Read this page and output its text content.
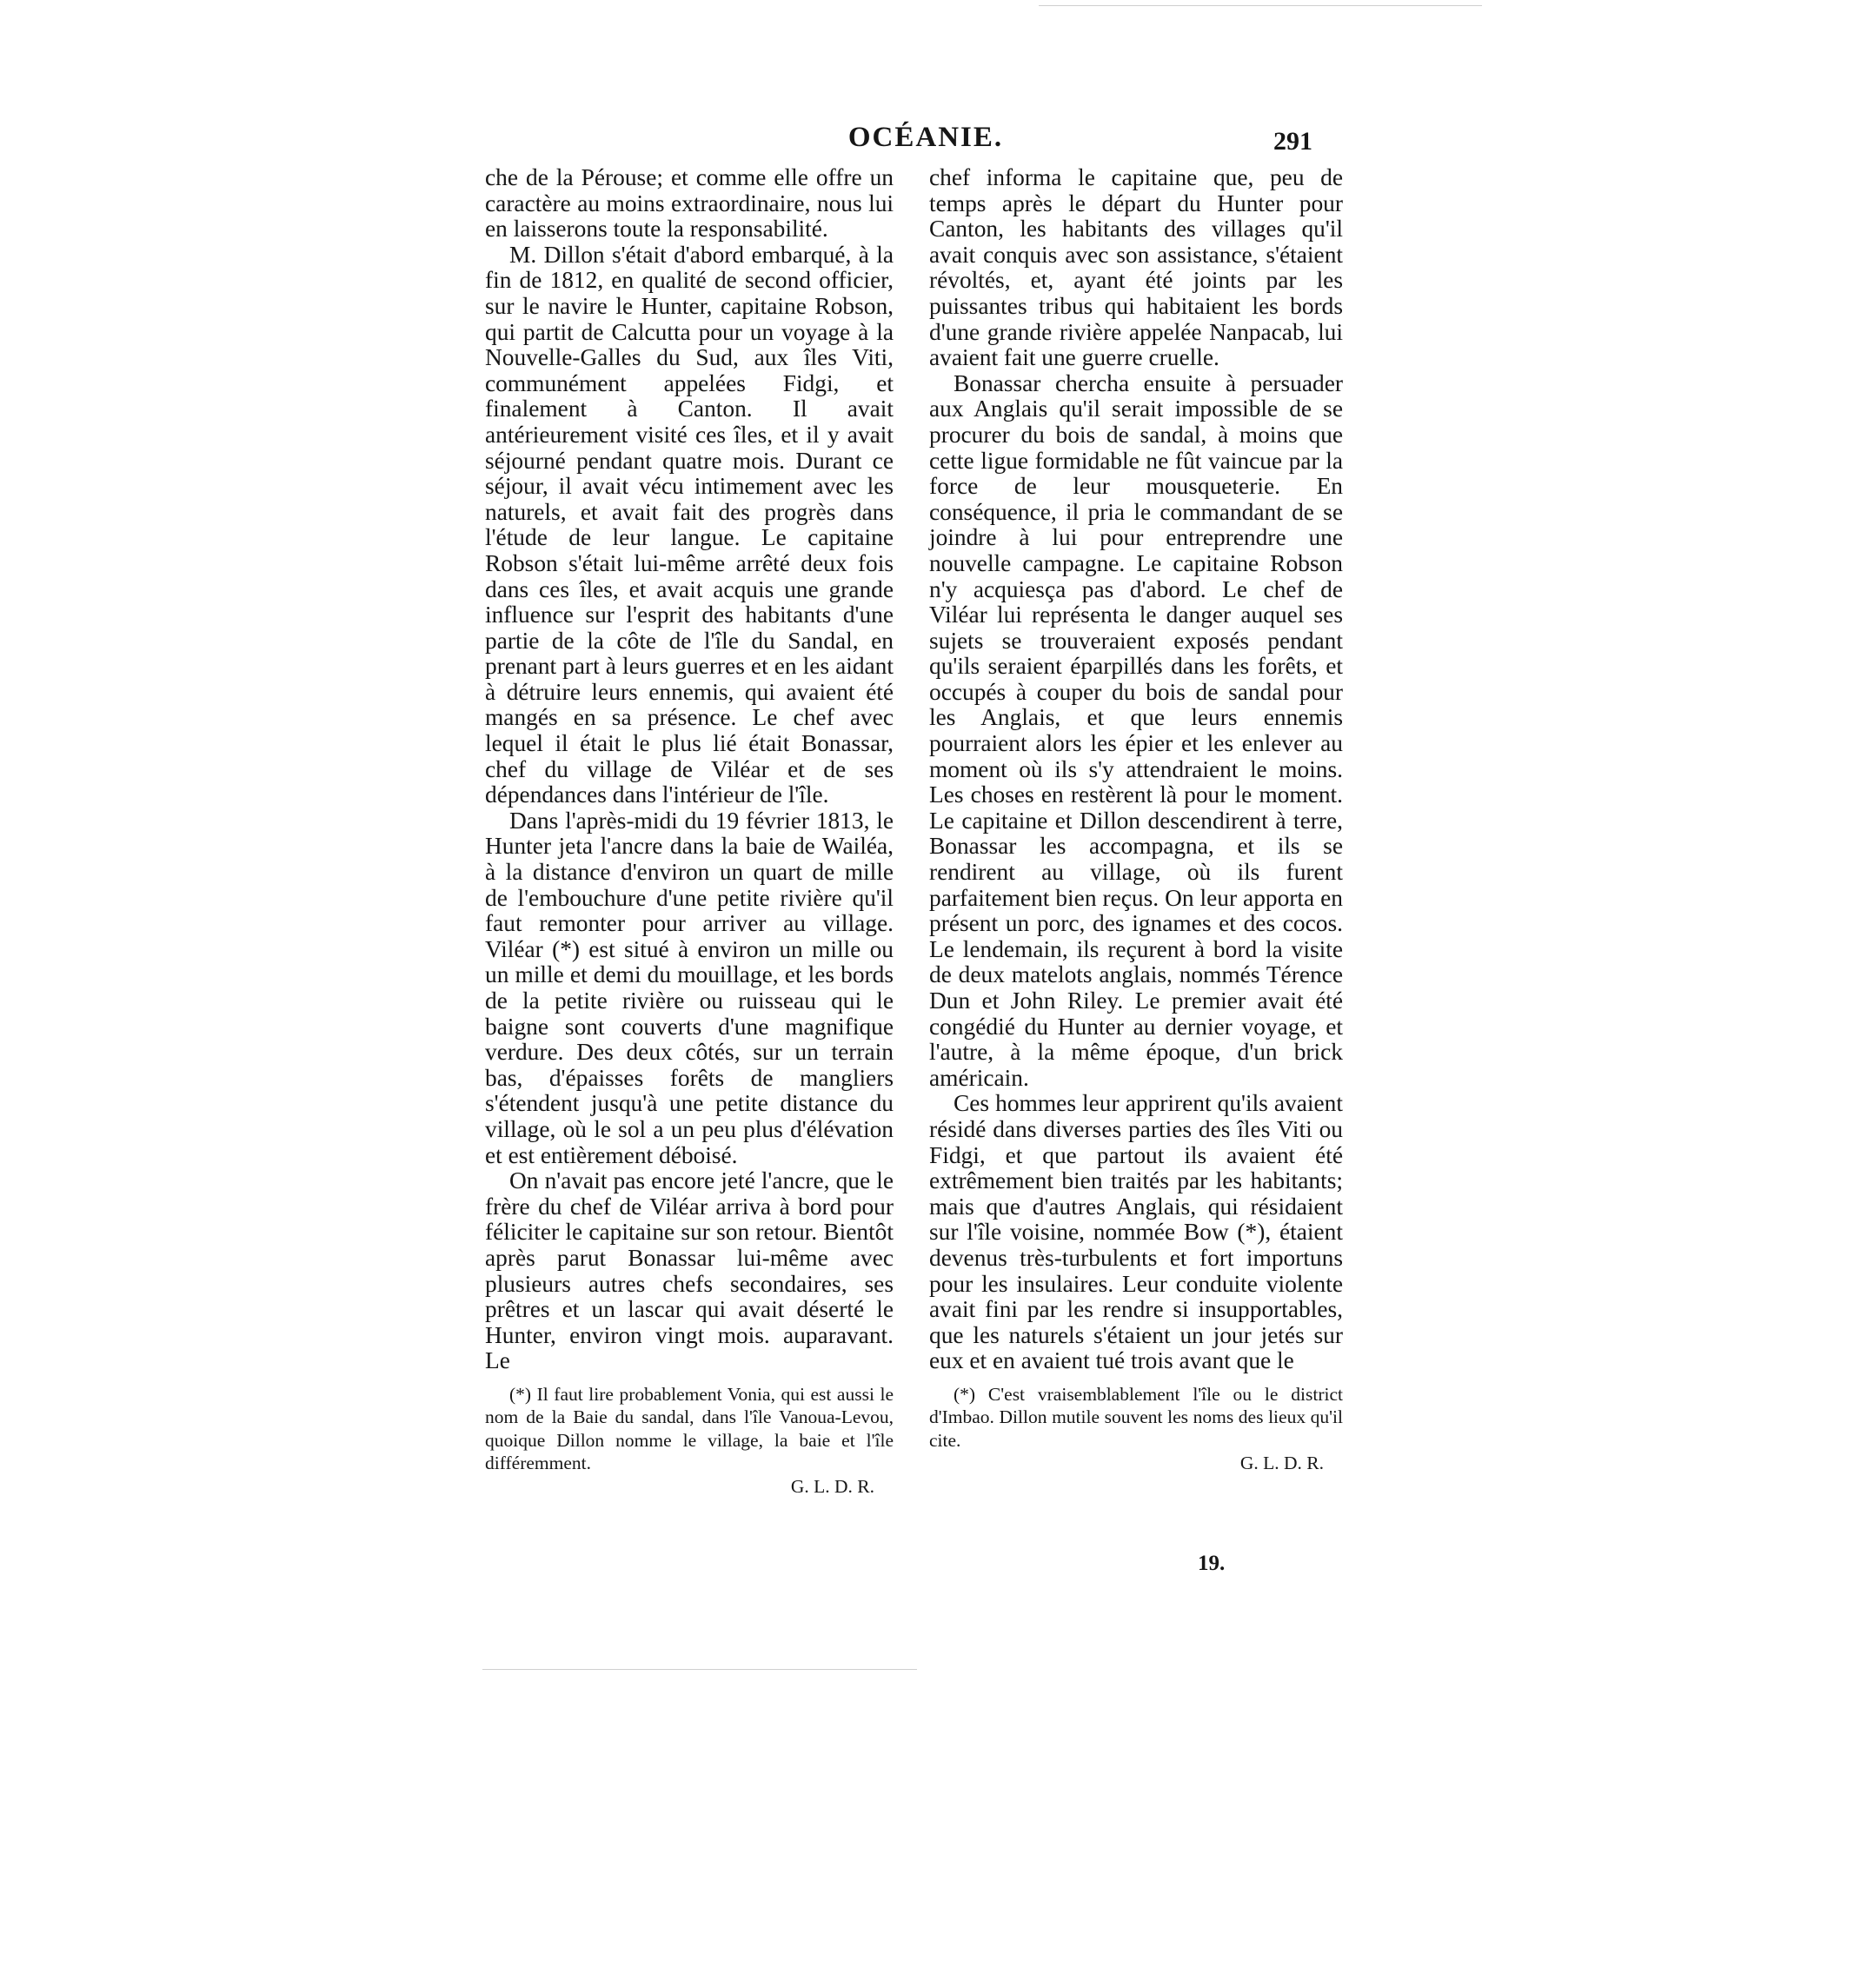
OCÉANIE.	291

che de la Pérouse; et comme elle offre un caractère au moins extraordinaire, nous lui en laisserons toute la responsabilité.

M. Dillon s'était d'abord embarqué, à la fin de 1812, en qualité de second officier, sur le navire le Hunter, capitaine Robson, qui partit de Calcutta pour un voyage à la Nouvelle-Galles du Sud, aux îles Viti, communément appelées Fidgi, et finalement à Canton. Il avait antérieurement visité ces îles, et il y avait séjourné pendant quatre mois. Durant ce séjour, il avait vécu intimement avec les naturels, et avait fait des progrès dans l'étude de leur langue. Le capitaine Robson s'était lui-même arrêté deux fois dans ces îles, et avait acquis une grande influence sur l'esprit des habitants d'une partie de la côte de l'île du Sandal, en prenant part à leurs guerres et en les aidant à détruire leurs ennemis, qui avaient été mangés en sa présence. Le chef avec lequel il était le plus lié était Bonassar, chef du village de Viléar et de ses dépendances dans l'intérieur de l'île.

Dans l'après-midi du 19 février 1813, le Hunter jeta l'ancre dans la baie de Wailéa, à la distance d'environ un quart de mille de l'embouchure d'une petite rivière qu'il faut remonter pour arriver au village. Viléar (*) est situé à environ un mille ou un mille et demi du mouillage, et les bords de la petite rivière ou ruisseau qui le baigne sont couverts d'une magnifique verdure. Des deux côtés, sur un terrain bas, d'épaisses forêts de mangliers s'étendent jusqu'à une petite distance du village, où le sol a un peu plus d'élévation et est entièrement déboisé.

On n'avait pas encore jeté l'ancre, que le frère du chef de Viléar arriva à bord pour féliciter le capitaine sur son retour. Bientôt après parut Bonassar lui-même avec plusieurs autres chefs secondaires, ses prêtres et un lascar qui avait déserté le Hunter, environ vingt mois. auparavant. Le

(*) Il faut lire probablement Vonia, qui est aussi le nom de la Baie du sandal, dans l'île Vanoua-Levou, quoique Dillon nomme le village, la baie et l'île différemment.

G. L. D. R.

chef informa le capitaine que, peu de temps après le départ du Hunter pour Canton, les habitants des villages qu'il avait conquis avec son assistance, s'étaient révoltés, et, ayant été joints par les puissantes tribus qui habitaient les bords d'une grande rivière appelée Nanpacab, lui avaient fait une guerre cruelle.

Bonassar chercha ensuite à persuader aux Anglais qu'il serait impossible de se procurer du bois de sandal, à moins que cette ligue formidable ne fût vaincue par la force de leur mousqueterie. En conséquence, il pria le commandant de se joindre à lui pour entreprendre une nouvelle campagne. Le capitaine Robson n'y acquiesça pas d'abord. Le chef de Viléar lui représenta le danger auquel ses sujets se trouveraient exposés pendant qu'ils seraient éparpillés dans les forêts, et occupés à couper du bois de sandal pour les Anglais, et que leurs ennemis pourraient alors les épier et les enlever au moment où ils s'y attendraient le moins. Les choses en restèrent là pour le moment. Le capitaine et Dillon descendirent à terre, Bonassar les accompagna, et ils se rendirent au village, où ils furent parfaitement bien reçus. On leur apporta en présent un porc, des ignames et des cocos. Le lendemain, ils reçurent à bord la visite de deux matelots anglais, nommés Térence Dun et John Riley. Le premier avait été congédié du Hunter au dernier voyage, et l'autre, à la même époque, d'un brick américain.

Ces hommes leur apprirent qu'ils avaient résidé dans diverses parties des îles Viti ou Fidgi, et que partout ils avaient été extrêmement bien traités par les habitants; mais que d'autres Anglais, qui résidaient sur l'île voisine, nommée Bow (*), étaient devenus très-turbulents et fort importuns pour les insulaires. Leur conduite violente avait fini par les rendre si insupportables, que les naturels s'étaient un jour jetés sur eux et en avaient tué trois avant que le

(*) C'est vraisemblablement l'île ou le district d'Imbao. Dillon mutile souvent les noms des lieux qu'il cite.

G. L. D. R.
19.
